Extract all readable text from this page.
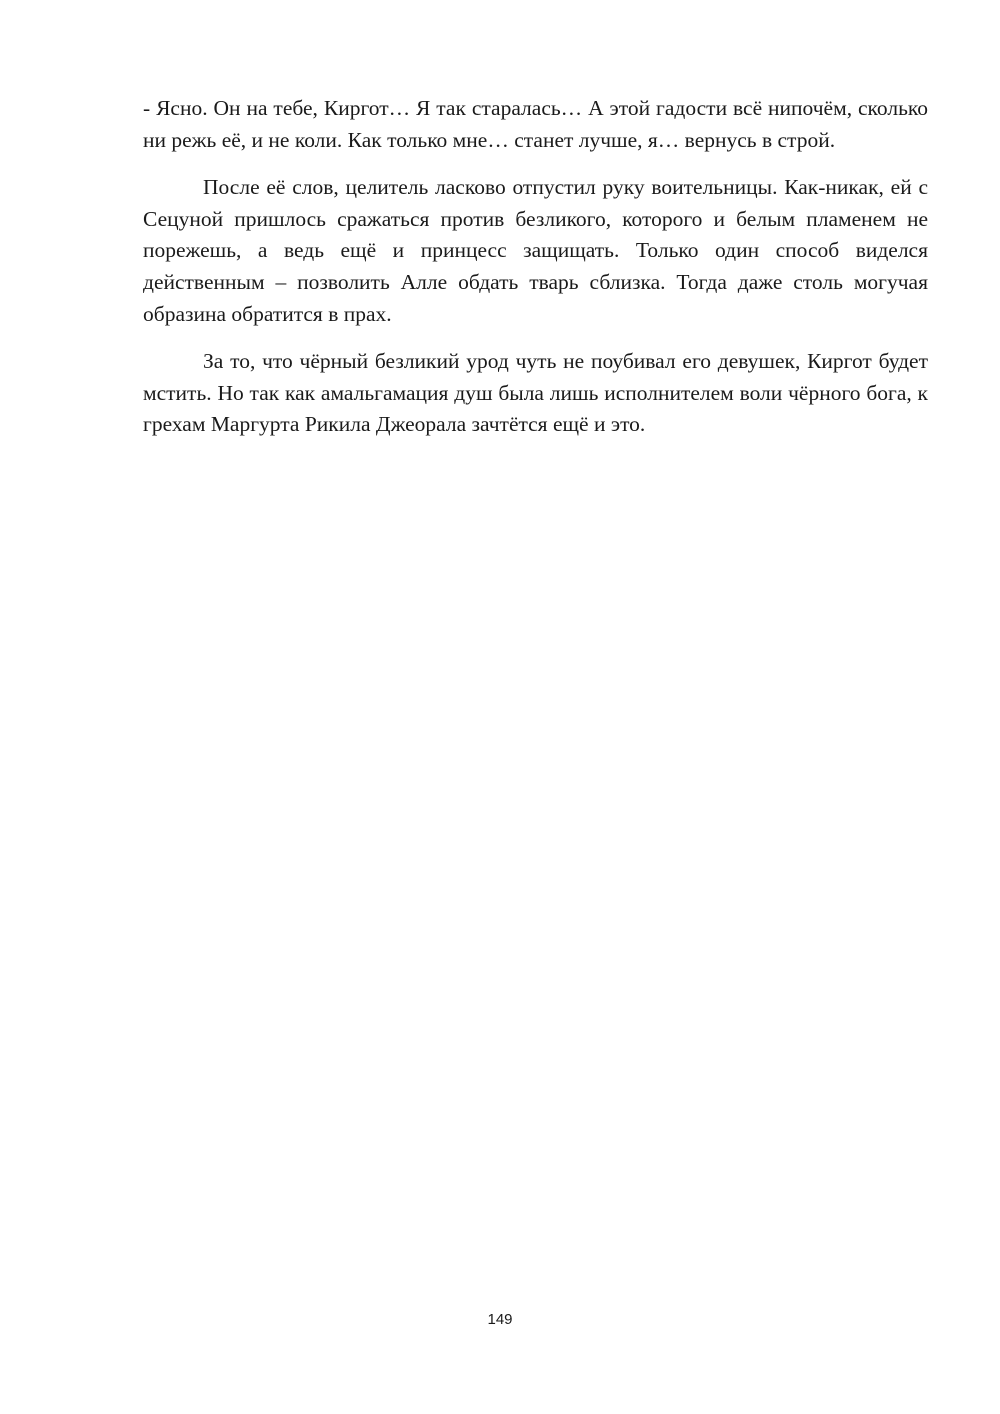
- Ясно. Он на тебе, Киргот… Я так старалась… А этой гадости всё нипочём, сколько ни режь её, и не коли. Как только мне… станет лучше, я… вернусь в строй.

После её слов, целитель ласково отпустил руку воительницы. Как-никак, ей с Сецуной пришлось сражаться против безликого, которого и белым пламенем не порежешь, а ведь ещё и принцесс защищать. Только один способ виделся действенным – позволить Алле обдать тварь сблизка. Тогда даже столь могучая образина обратится в прах.

За то, что чёрный безликий урод чуть не поубивал его девушек, Киргот будет мстить. Но так как амальгамация душ была лишь исполнителем воли чёрного бога, к грехам Маргурта Рикила Джеорала зачтётся ещё и это.

149
